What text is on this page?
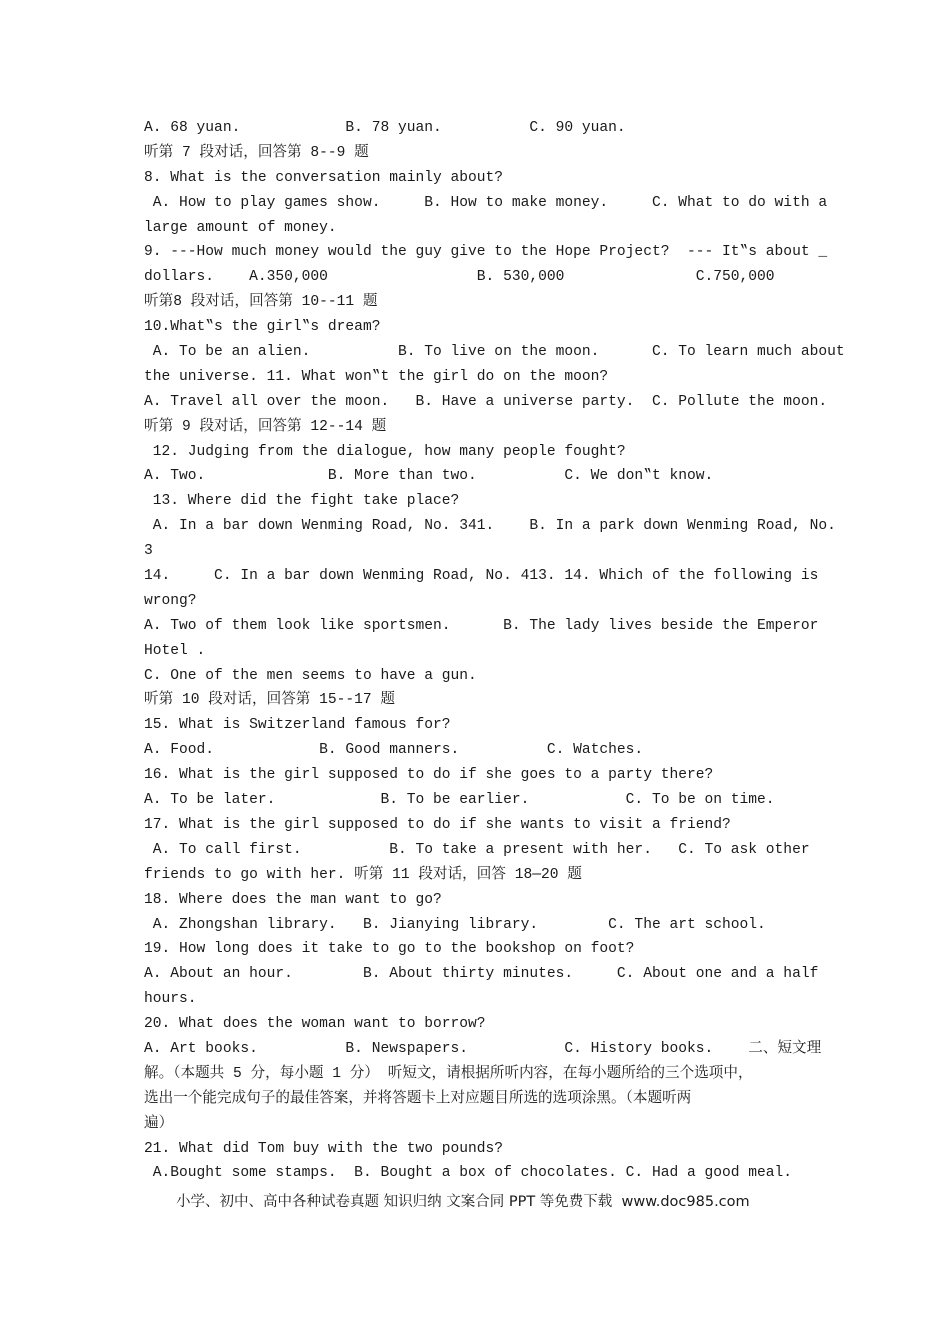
A. 68 yuan.            B. 78 yuan.          C. 90 yuan.
听第 7 段对话，回答第 8--9 题
8. What is the conversation mainly about?
A. How to play games show.     B. How to make money.     C. What to do with a
large amount of money.
9. ---How much money would the guy give to the Hope Project?  --- It‟s about _
dollars.    A.350,000                 B. 530,000               C.750,000
听第8 段对话，回答第 10--11 题
10.What‟s the girl‟s dream?
A. To be an alien.          B. To live on the moon.      C. To learn much about
the universe. 11. What won‟t the girl do on the moon?
A. Travel all over the moon.   B. Have a universe party.  C. Pollute the moon.
听第 9 段对话，回答第 12--14 题
12. Judging from the dialogue, how many people fought?
A. Two.              B. More than two.          C. We don‟t know.
13. Where did the fight take place?
A. In a bar down Wenming Road, No. 341.    B. In a park down Wenming Road, No.
3
14.     C. In a bar down Wenming Road, No. 413. 14. Which of the following is
wrong?
A. Two of them look like sportsmen.      B. The lady lives beside the Emperor
Hotel .
C. One of the men seems to have a gun.
听第 10 段对话，回答第 15--17 题
15. What is Switzerland famous for?
A. Food.            B. Good manners.          C. Watches.
16. What is the girl supposed to do if she goes to a party there?
A. To be later.            B. To be earlier.           C. To be on time.
17. What is the girl supposed to do if she wants to visit a friend?
A. To call first.          B. To take a present with her.   C. To ask other
friends to go with her. 听第 11 段对话，回答 18—20 题
18. Where does the man want to go?
A. Zhongshan library.   B. Jianying library.        C. The art school.
19. How long does it take to go to the bookshop on foot?
A. About an hour.        B. About thirty minutes.     C. About one and a half
hours.
20. What does the woman want to borrow?
A. Art books.          B. Newspapers.           C. History books.    二、短文理
解。（本题共 5 分，每小题 1 分） 听短文，请根据所听内容，在每小题所给的三个选项中，
选出一个能完成句子的最佳答案，并将答题卡上对应题目所选的选项涂黑。（本题听两
遍）
21. What did Tom buy with the two pounds?
A.Bought some stamps.  B. Bought a box of chocolates. C. Had a good meal.
小学、初中、高中各种试卷真题 知识归纳 文案合同 PPT 等免费下载  www.doc985.com
